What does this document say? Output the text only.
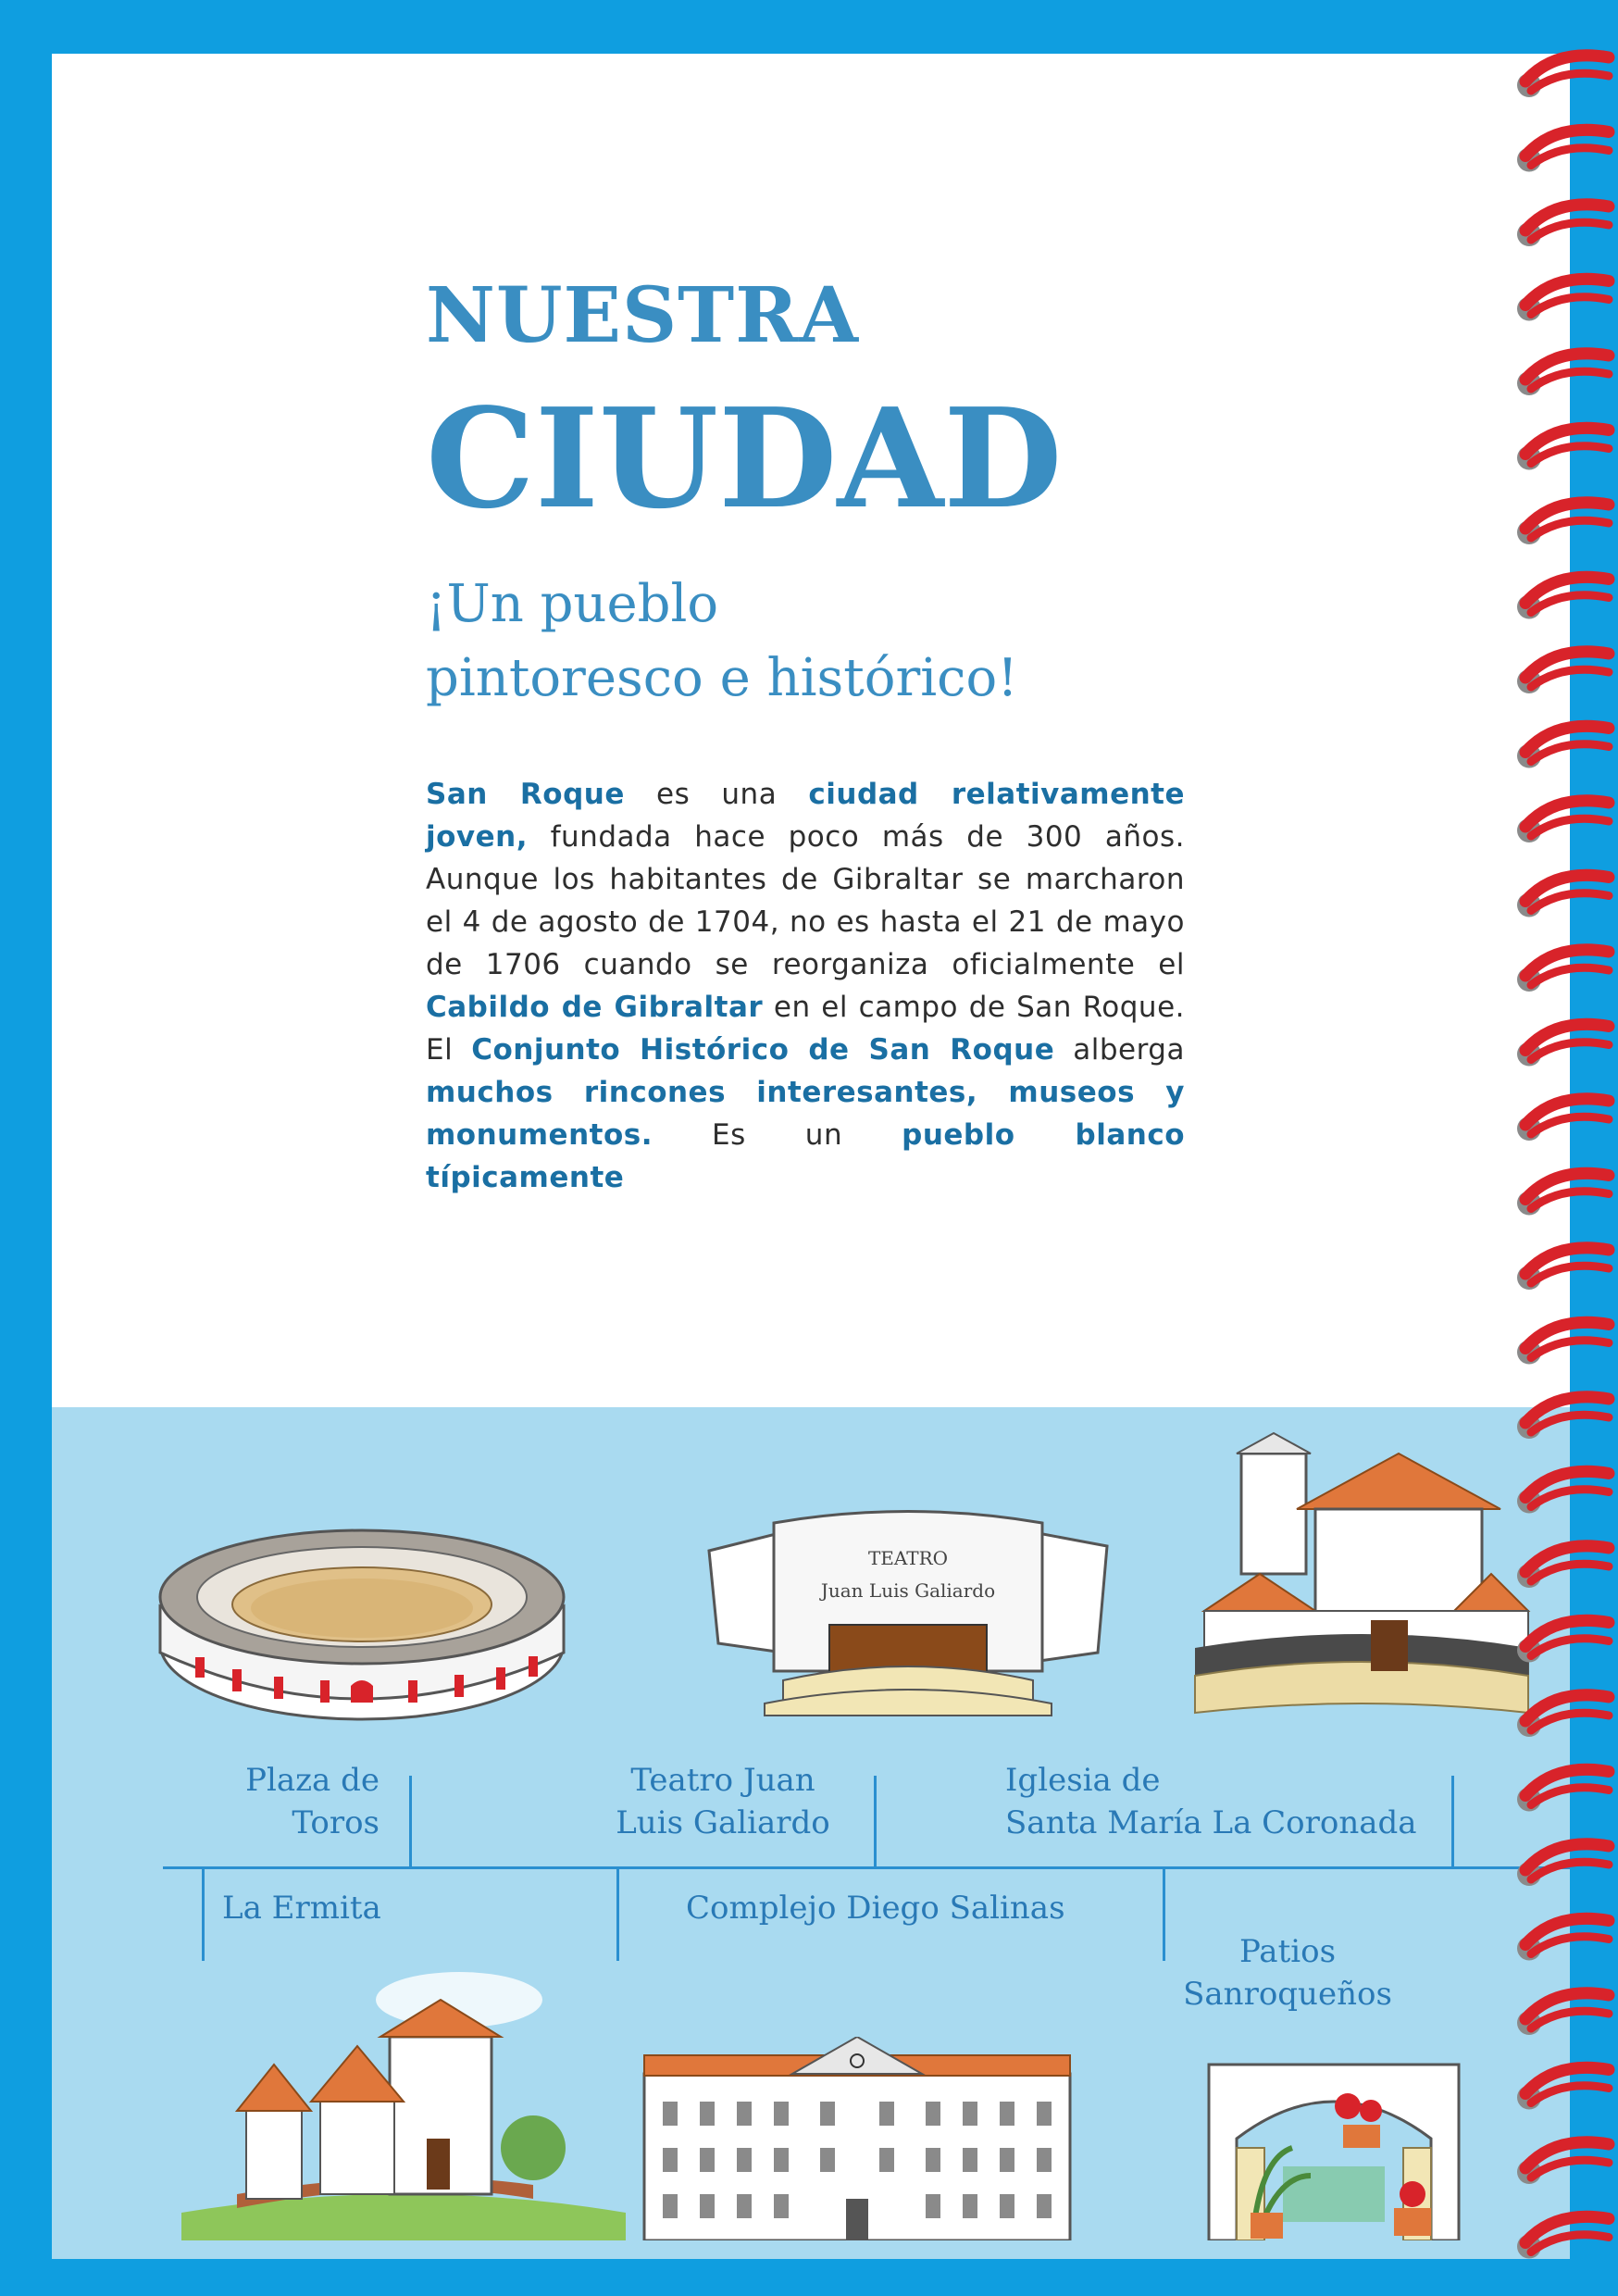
NUESTRA
CIUDAD
¡Un pueblo
pintoresco e histórico!
San Roque es una ciudad relativamente joven, fundada hace poco más de 300 años. Aunque los habitantes de Gibraltar se marcharon el 4 de agosto de 1704, no es hasta el 21 de mayo de 1706 cuando se reorganiza oficialmente el Cabildo de Gibraltar en el campo de San Roque. El Conjunto Histórico de San Roque alberga muchos rincones interesantes, museos y monumentos. Es un pueblo blanco típicamente
TEATRO
Juan Luis Galiardo
Plaza de
Toros
Teatro Juan
Luis Galiardo
Iglesia de
Santa María La Coronada
La Ermita	Complejo Diego Salinas
Patios
Sanroqueños
